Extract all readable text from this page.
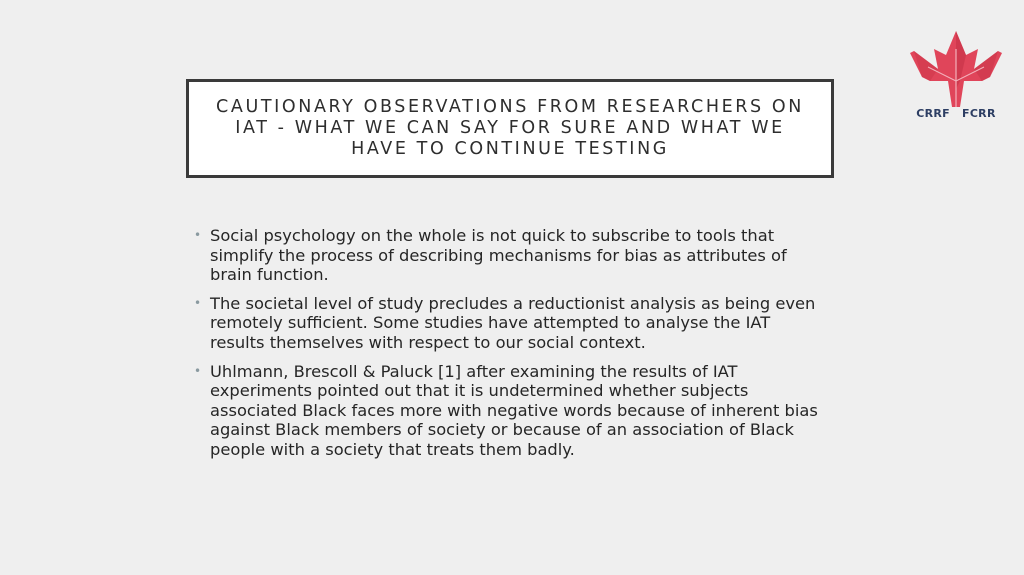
CRRF FCRR
CAUTIONARY OBSERVATIONS FROM RESEARCHERS ON IAT - WHAT WE CAN SAY FOR SURE AND WHAT WE HAVE TO CONTINUE TESTING
• Social psychology on the whole is not quick to subscribe to tools that simplify the process of describing mechanisms for bias as attributes of brain function.
• The societal level of study precludes a reductionist analysis as being even remotely sufficient. Some studies have attempted to analyse the IAT results themselves with respect to our social context.
• Uhlmann, Brescoll & Paluck [1] after examining the results of IAT experiments pointed out that it is undetermined whether subjects associated Black faces more with negative words because of inherent bias against Black members of society or because of an association of Black people with a society that treats them badly.
